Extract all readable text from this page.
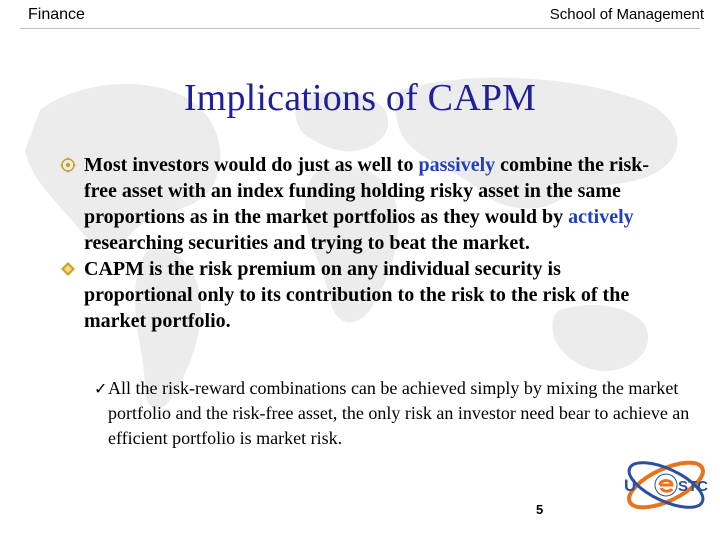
Finance	School of Management
Implications of CAPM
Most investors would do just as well to passively combine the risk-free asset with an index funding holding risky asset in the same proportions as in the market portfolios as they would by actively researching securities and trying to beat the market.
CAPM is the risk premium on any individual security is proportional only to its contribution to the risk to the risk of the market portfolio.
✓ All the risk-reward combinations can be achieved simply by mixing the market portfolio and the risk-free asset, the only risk an investor need bear to achieve an efficient portfolio is market risk.
U	STC
5
